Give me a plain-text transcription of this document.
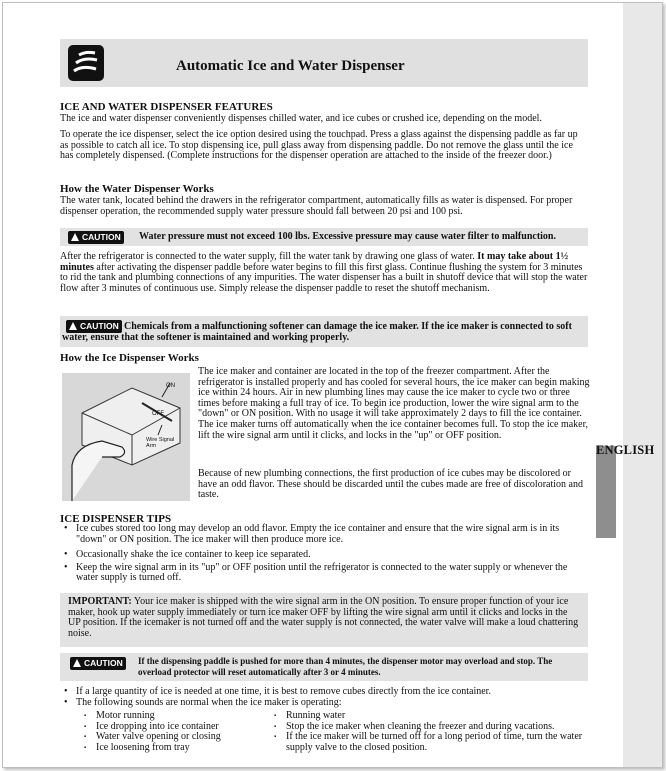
ENGLISH
Automatic Ice and Water Dispenser
ICE AND WATER DISPENSER FEATURES

The ice and water dispenser conveniently dispenses chilled water, and ice cubes or crushed ice, depending on the model.

To operate the ice dispenser, select the ice option desired using the touchpad. Press a glass against the dispensing paddle as far up as possible to catch all ice. To stop dispensing ice, pull glass away from dispensing paddle. Do not remove the glass until the ice has completely dispensed. (Complete instructions for the dispenser operation are attached to the inside of the freezer door.)

How the Water Dispenser Works

The water tank, located behind the drawers in the refrigerator compartment, automatically fills as water is dispensed. For proper dispenser operation, the recommended supply water pressure should fall between 20 psi and 100 psi.

CAUTION	Water pressure must not exceed 100 lbs. Excessive pressure may cause water filter to malfunction.

After the refrigerator is connected to the water supply, fill the water tank by drawing one glass of water. It may take about 1½ minutes after activating the dispenser paddle before water begins to fill this first glass. Continue flushing the system for 3 minutes to rid the tank and plumbing connections of any impurities. The water dispenser has a built in shutoff device that will stop the water flow after 3 minutes of continuous use. Simply release the dispenser paddle to reset the shutoff mechanism.

CAUTION Chemicals from a malfunctioning softener can damage the ice maker. If the ice maker is connected to soft water, ensure that the softener is maintained and working properly.

How the Ice Dispenser Works
ON
OFF
Wire Signal Arm

The ice maker and container are located in the top of the freezer compartment. After the refrigerator is installed properly and has cooled for several hours, the ice maker can begin making ice within 24 hours. Air in new plumbing lines may cause the ice maker to cycle two or three times before making a full tray of ice. To begin ice production, lower the wire signal arm to the "down" or ON position. With no usage it will take approximately 2 days to fill the ice container. The ice maker turns off automatically when the ice container becomes full. To stop the ice maker, lift the wire signal arm until it clicks, and locks in the "up" or OFF position.

Because of new plumbing connections, the first production of ice cubes may be discolored or have an odd flavor. These should be discarded until the cubes made are free of discoloration and taste.

ICE DISPENSER TIPS
• Ice cubes stored too long may develop an odd flavor. Empty the ice container and ensure that the wire signal arm is in its "down" or ON position. The ice maker will then produce more ice.
• Occasionally shake the ice container to keep ice separated.
• Keep the wire signal arm in its "up" or OFF position until the refrigerator is connected to the water supply or whenever the water supply is turned off.

IMPORTANT: Your ice maker is shipped with the wire signal arm in the ON position. To ensure proper function of your ice maker, hook up water supply immediately or turn ice maker OFF by lifting the wire signal arm until it clicks and locks in the UP position. If the icemaker is not turned off and the water supply is not connected, the water valve will make a loud chattering noise.

CAUTION	If the dispensing paddle is pushed for more than 4 minutes, the dispenser motor may overload and stop. The overload protector will reset automatically after 3 or 4 minutes.

• If a large quantity of ice is needed at one time, it is best to remove cubes directly from the ice container.
• The following sounds are normal when the ice maker is operating:
▪ Motor running
▪ Ice dropping into ice container
▪ Water valve opening or closing
▪ Ice loosening from tray
▪ Running water
▪ Stop the ice maker when cleaning the freezer and during vacations.
▪ If the ice maker will be turned off for a long period of time, turn the water supply valve to the closed position.
